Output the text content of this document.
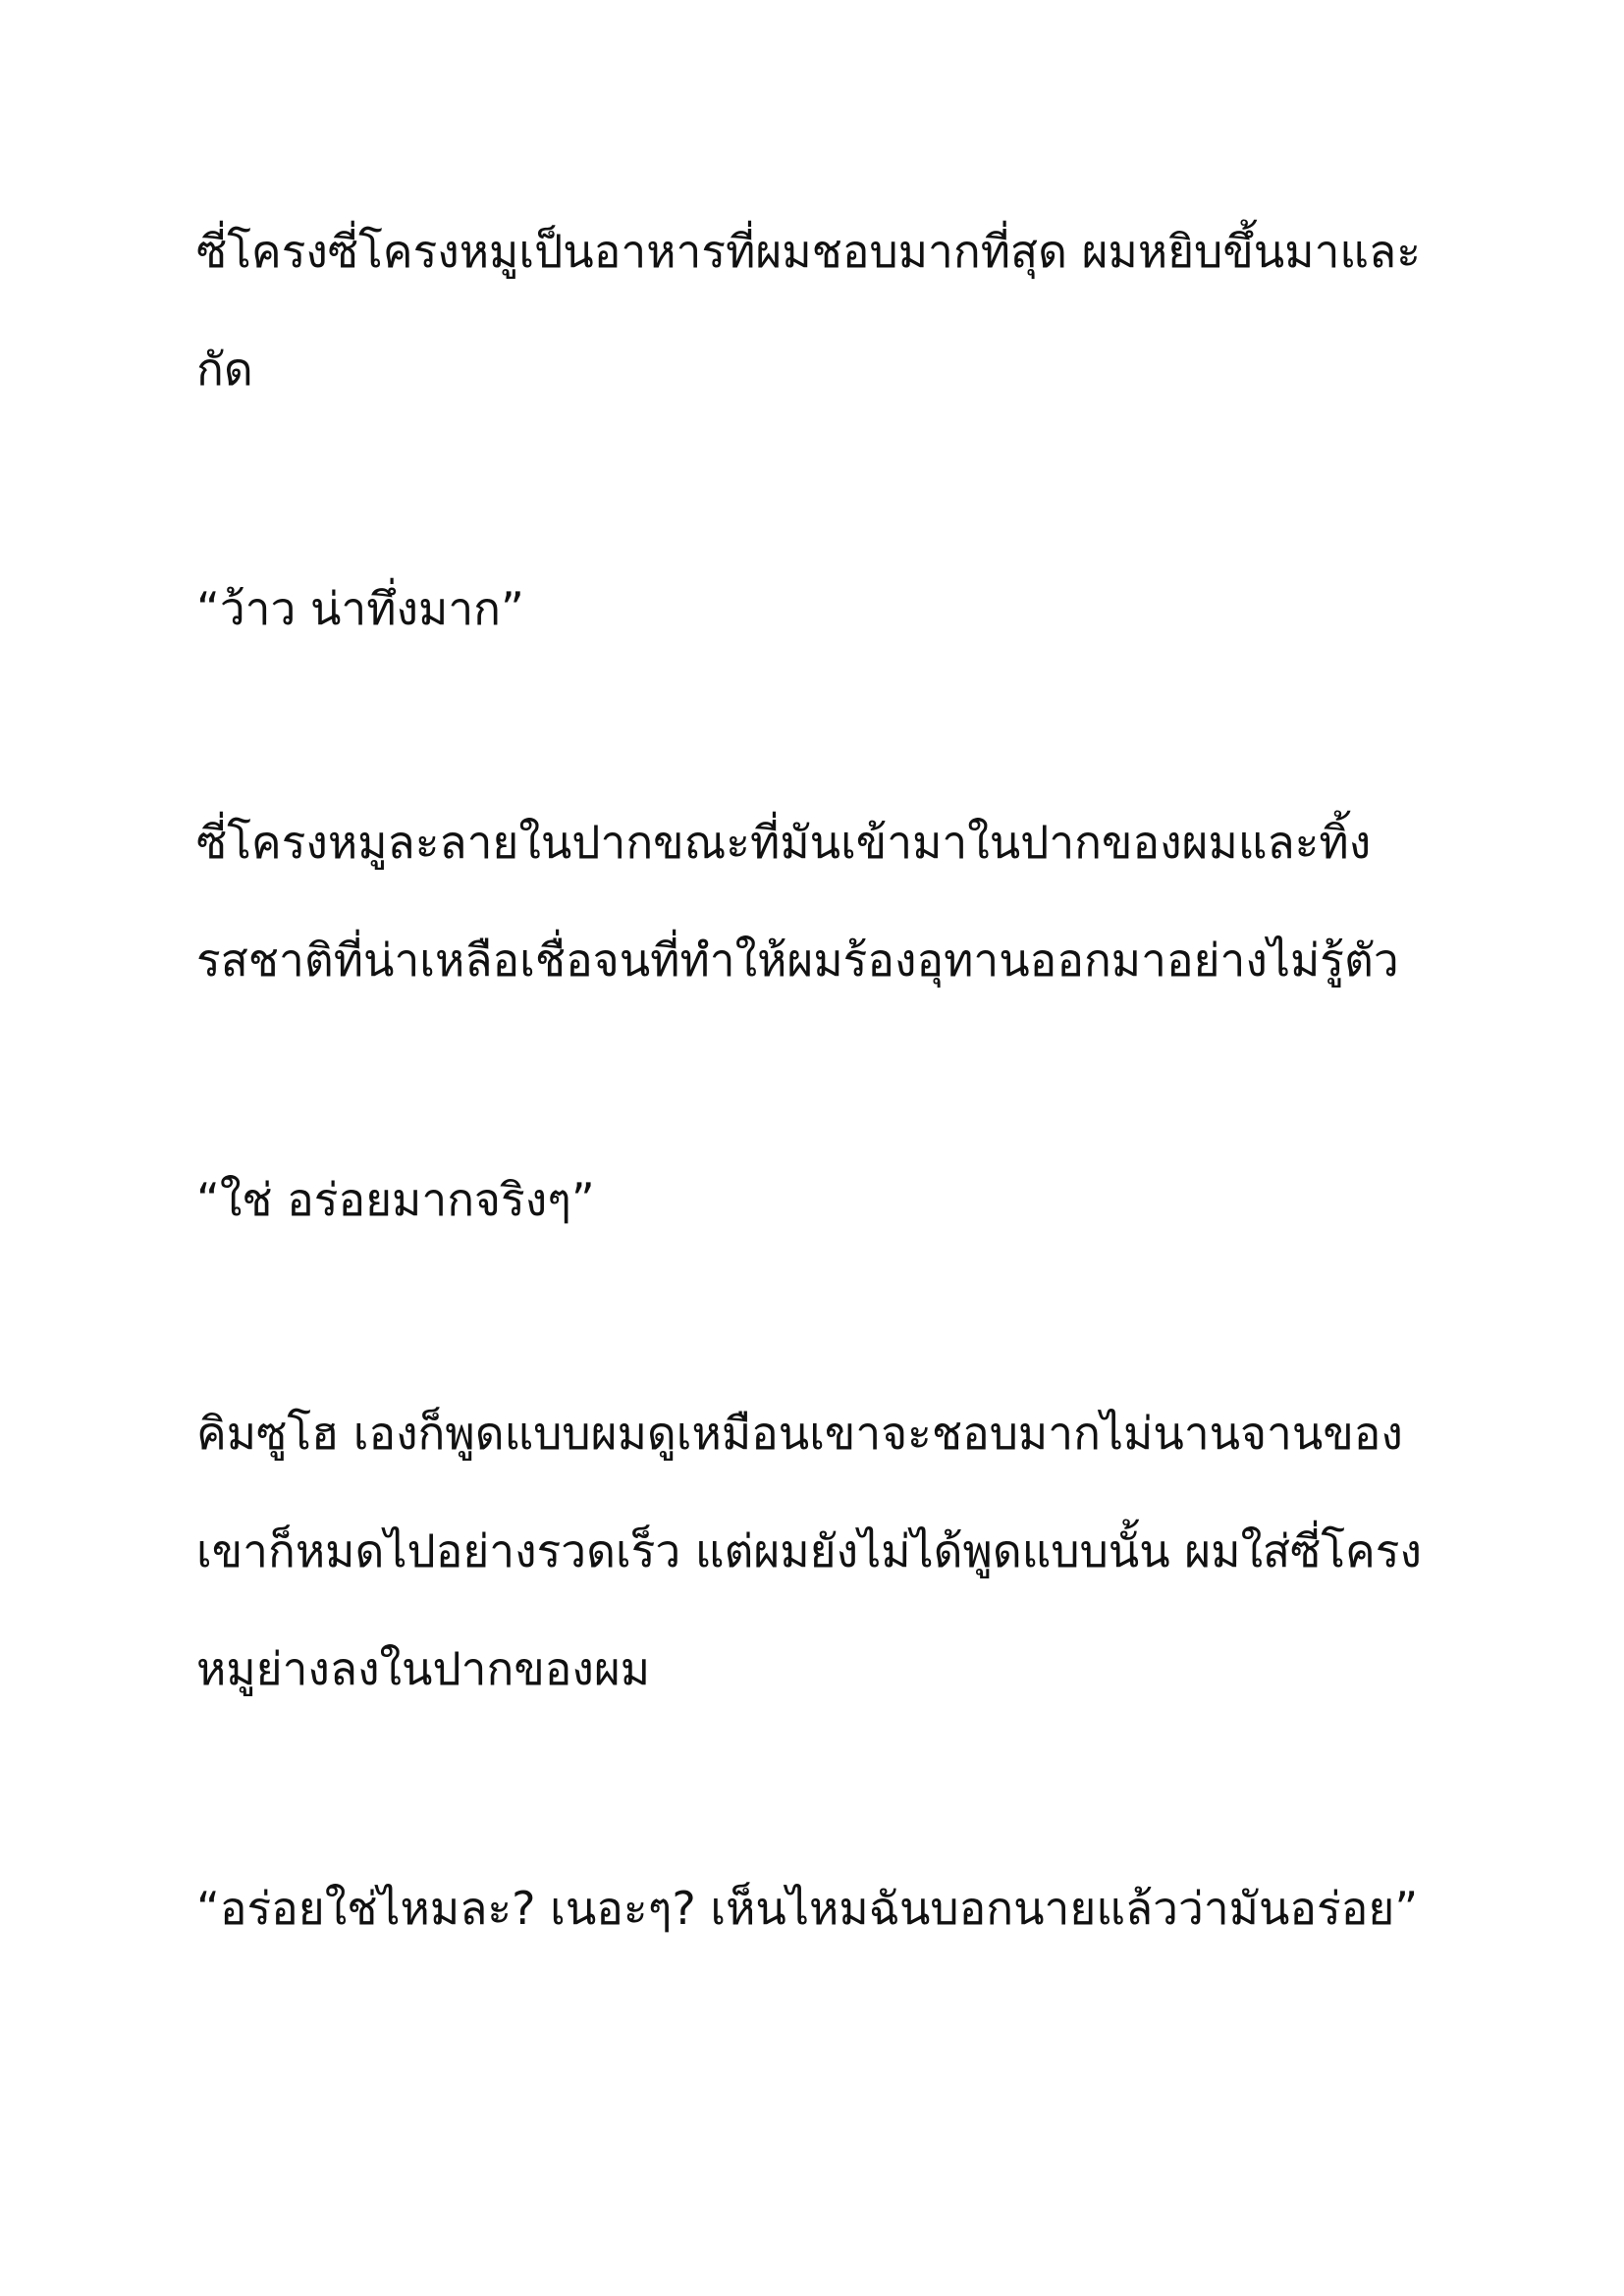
ซี่โครงซี่โครงหมูเป็นอาหารที่ผมชอบมากที่สุด ผมหยิบขึ้นมาและ
กัด

“ว้าว น่าทึ่งมาก”

ซี่โครงหมูละลายในปากขณะที่มันเข้ามาในปากของผมและทิ้ง
รสชาติที่น่าเหลือเชื่อจนที่ทำให้ผมร้องอุทานออกมาอย่างไม่รู้ตัว

“ใช่ อร่อยมากจริงๆ”

คิมซูโฮ เองก็พูดแบบผมดูเหมือนเขาจะชอบมากไม่นานจานของ
เขาก็หมดไปอย่างรวดเร็ว แต่ผมยังไม่ได้พูดแบบนั้น ผมใส่ซี่โครง
หมูย่างลงในปากของผม

“อร่อยใช่ไหมละ? เนอะๆ? เห็นไหมฉันบอกนายแล้วว่ามันอร่อย”
